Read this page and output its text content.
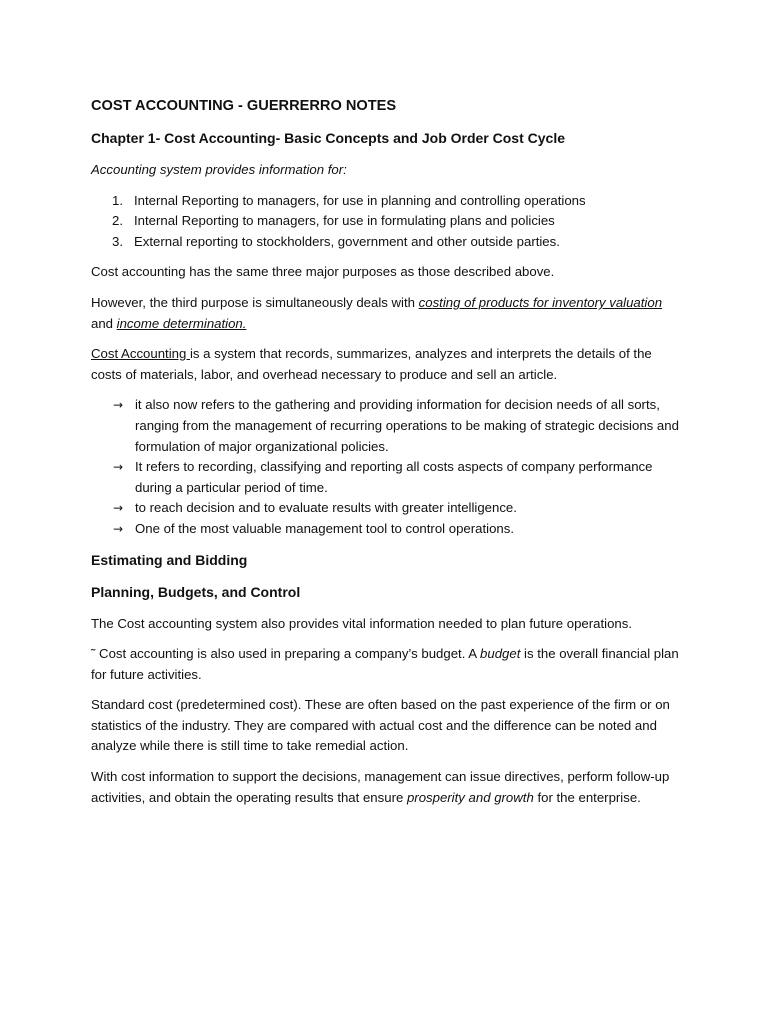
COST ACCOUNTING - GUERRERRO NOTES

Chapter 1- Cost Accounting- Basic Concepts and Job Order Cost Cycle

Accounting system provides information for:

1. Internal Reporting to managers, for use in planning and controlling operations
2. Internal Reporting to managers, for use in formulating plans and policies
3. External reporting to stockholders, government and other outside parties.

Cost accounting has the same three major purposes as those described above.

However, the third purpose is simultaneously deals with costing of products for inventory valuation and income determination.

Cost Accounting is a system that records, summarizes, analyzes and interprets the details of the costs of materials, labor, and overhead necessary to produce and sell an article.

→ it also now refers to the gathering and providing information for decision needs of all sorts, ranging from the management of recurring operations to be making of strategic decisions and formulation of major organizational policies.
→ It refers to recording, classifying and reporting all costs aspects of company performance during a particular period of time.
→ to reach decision and to evaluate results with greater intelligence.
→ One of the most valuable management tool to control operations.

Estimating and Bidding

Planning, Budgets, and Control

The Cost accounting system also provides vital information needed to plan future operations.

˜ Cost accounting is also used in preparing a company’s budget. A budget is the overall financial plan for future activities.

Standard cost (predetermined cost). These are often based on the past experience of the firm or on statistics of the industry. They are compared with actual cost and the difference can be noted and analyze while there is still time to take remedial action.

With cost information to support the decisions, management can issue directives, perform follow-up activities, and obtain the operating results that ensure prosperity and growth for the enterprise.
